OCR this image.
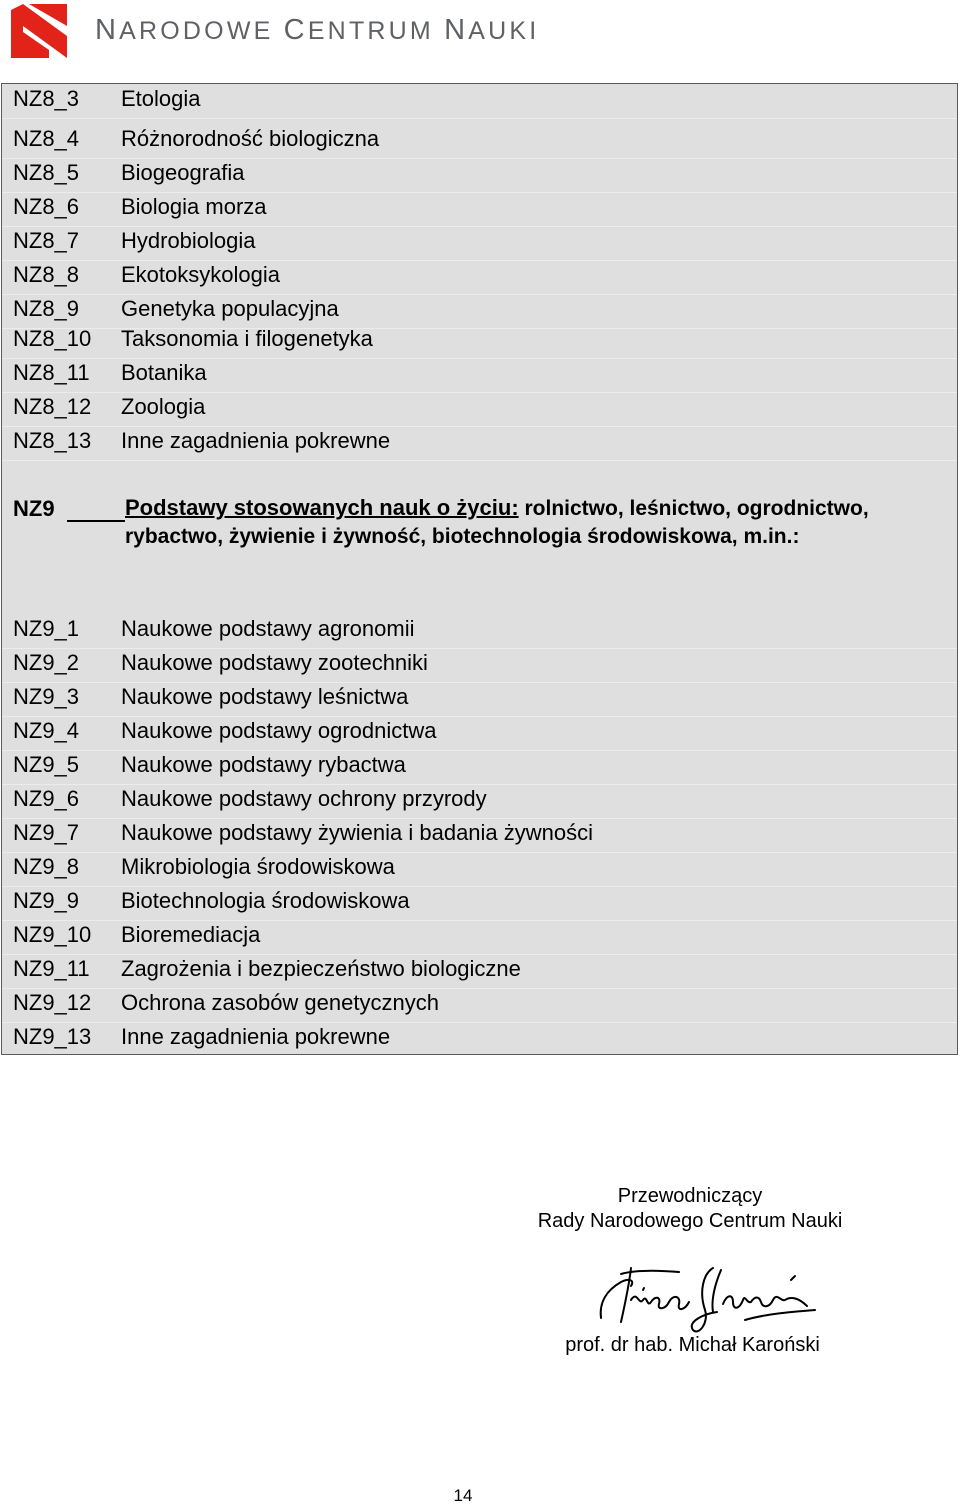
NARODOWE CENTRUM NAUKI
NZ8_3	Etologia
NZ8_4	Różnorodność biologiczna
NZ8_5	Biogeografia
NZ8_6	Biologia morza
NZ8_7	Hydrobiologia
NZ8_8	Ekotoksykologia
NZ8_9	Genetyka populacyjna
NZ8_10	Taksonomia i filogenetyka
NZ8_11	Botanika
NZ8_12	Zoologia
NZ8_13	Inne zagadnienia pokrewne
NZ9	Podstawy stosowanych nauk o życiu: rolnictwo, leśnictwo, ogrodnictwo, rybactwo, żywienie i żywność, biotechnologia środowiskowa, m.in.:
NZ9_1	Naukowe podstawy agronomii
NZ9_2	Naukowe podstawy zootechniki
NZ9_3	Naukowe podstawy leśnictwa
NZ9_4	Naukowe podstawy ogrodnictwa
NZ9_5	Naukowe podstawy rybactwa
NZ9_6	Naukowe podstawy ochrony przyrody
NZ9_7	Naukowe podstawy żywienia i badania żywności
NZ9_8	Mikrobiologia środowiskowa
NZ9_9	Biotechnologia środowiskowa
NZ9_10	Bioremediacja
NZ9_11	Zagrożenia i bezpieczeństwo biologiczne
NZ9_12	Ochrona zasobów genetycznych
NZ9_13	Inne zagadnienia pokrewne
Przewodniczący
Rady Narodowego Centrum Nauki
prof. dr hab. Michał Karoński
14
